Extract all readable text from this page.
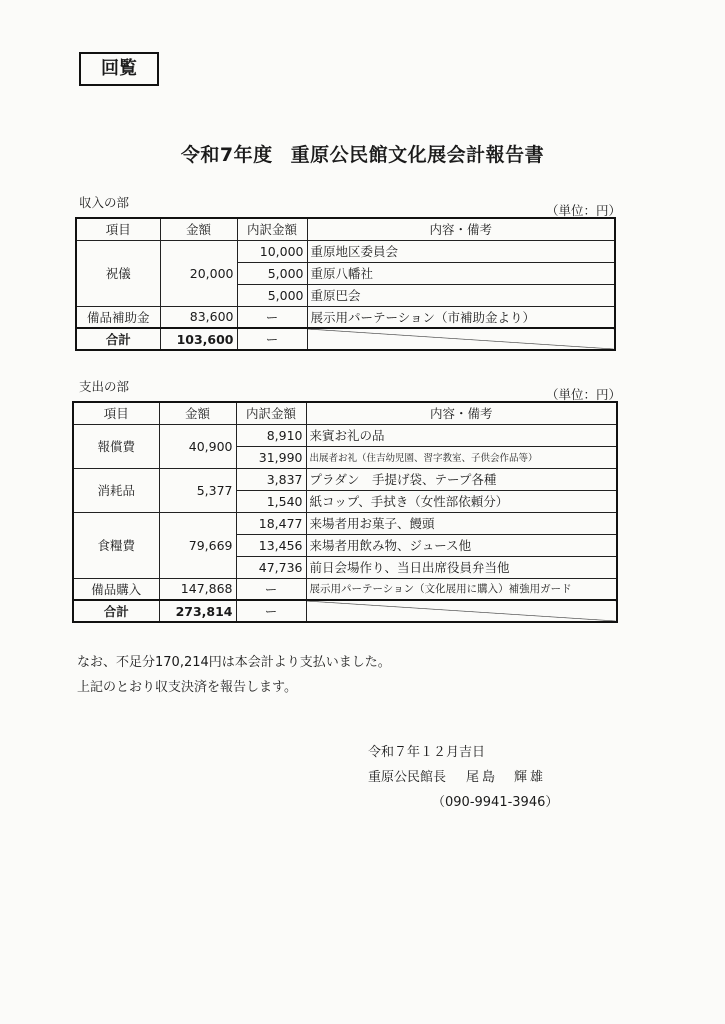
回覧
令和7年度 重原公民館文化展会計報告書
収入の部
（単位：円）
項目	金額	内訳金額	内容・備考
祝儀	20,000	10,000	重原地区委員会
		5,000	重原八幡社
		5,000	重原巴会
備品補助金	83,600	ー	展示用パーテーション（市補助金より）
合計	103,600	ー	
支出の部
（単位：円）
項目	金額	内訳金額	内容・備考
報償費	40,900	8,910	来賓お礼の品
		31,990	出展者お礼（住吉幼児園、習字教室、子供会作品等）
消耗品	5,377	3,837	プラダン　手提げ袋、テープ各種
		1,540	紙コップ、手拭き（女性部依頼分）
食糧費	79,669	18,477	来場者用お菓子、饅頭
		13,456	来場者用飲み物、ジュース他
		47,736	前日会場作り、当日出席役員弁当他
備品購入	147,868	ー	展示用パーテーション（文化展用に購入）補強用ガード
合計	273,814	ー	
なお、不足分170,214円は本会計より支払いました。
上記のとおり収支決済を報告します。
令和７年１２月吉日
重原公民館長 尾島　輝雄
（090-9941-3946）
